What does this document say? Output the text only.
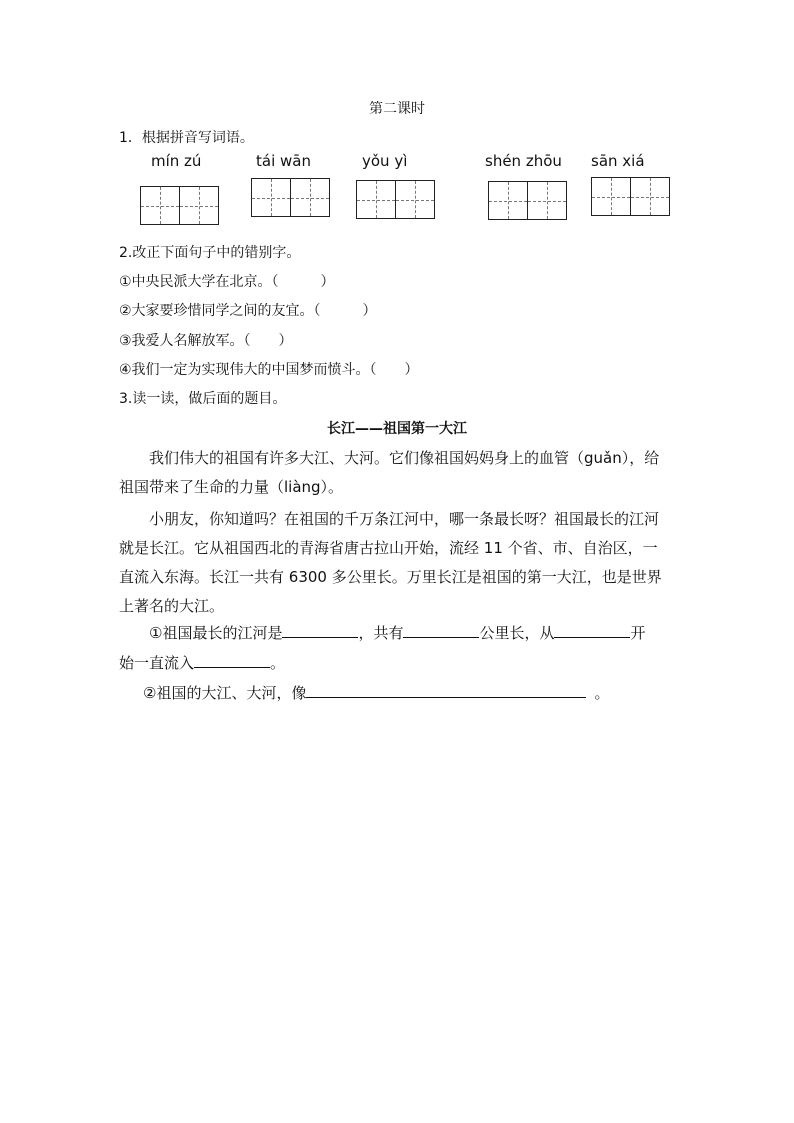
第二课时
1．根据拼音写词语。
mín zú	tái wān	yǒu yì	shén zhōu sān xiá
2.改正下面句子中的错别字。
①中央民派大学在北京。（　　　）
②大家要珍惜同学之间的友宜。（　　　）
③我爱人名解放军。（　　）
④我们一定为实现伟大的中国梦而愤斗。（　　）
3.读一读，做后面的题目。
长江——祖国第一大江
我们伟大的祖国有许多大江、大河。它们像祖国妈妈身上的血管（guǎn），给祖国带来了生命的力量（liàng）。
小朋友，你知道吗？在祖国的千万条江河中，哪一条最长呀？祖国最长的江河就是长江。它从祖国西北的青海省唐古拉山开始，流经 11 个省、市、自治区，一直流入东海。长江一共有 6300 多公里长。万里长江是祖国的第一大江，也是世界上著名的大江。
①祖国最长的江河是	，共有	公里长，从	开
始一直流入	。
②祖国的大江、大河，像	。
